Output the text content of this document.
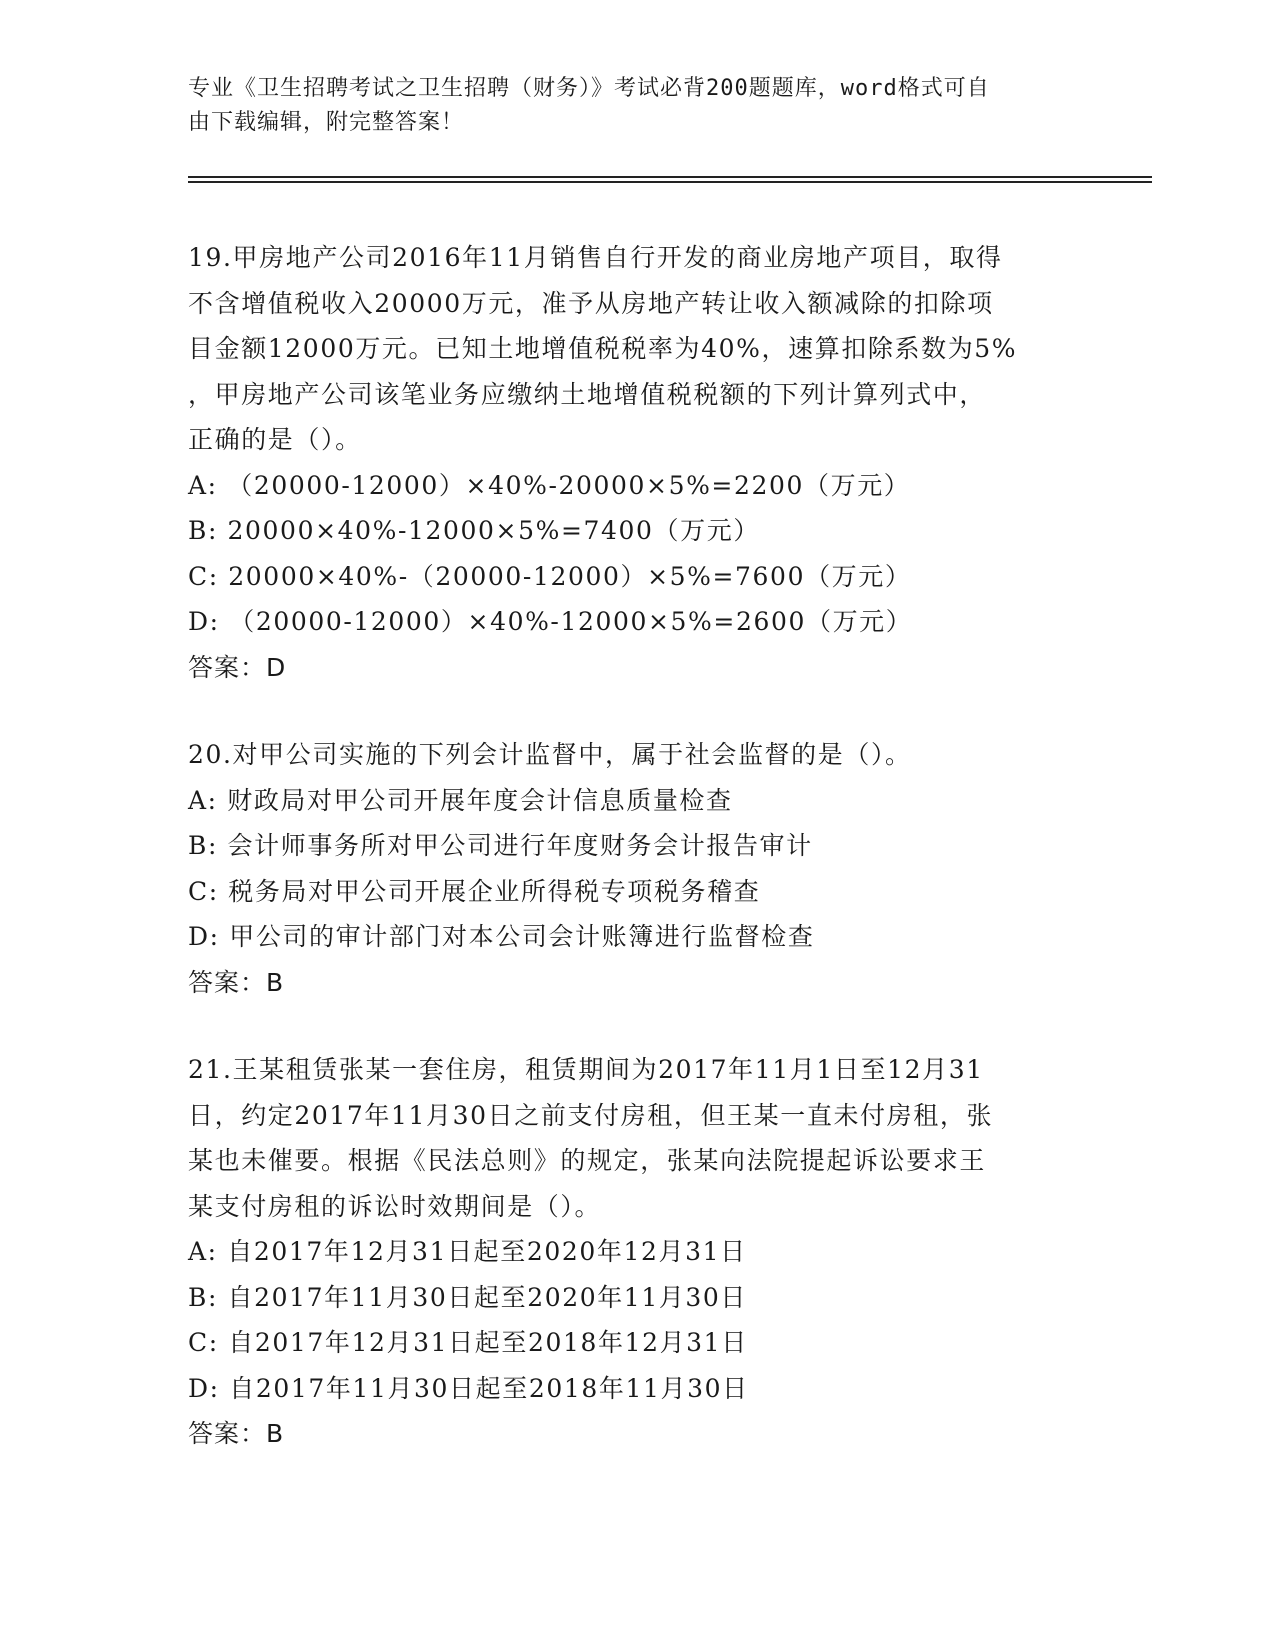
专业《卫生招聘考试之卫生招聘（财务）》考试必背200题题库，word格式可自
由下载编辑，附完整答案！
19.甲房地产公司2016年11月销售自行开发的商业房地产项目，取得
不含增值税收入20000万元，准予从房地产转让收入额减除的扣除项
目金额12000万元。已知土地增值税税率为40%，速算扣除系数为5%
，甲房地产公司该笔业务应缴纳土地增值税税额的下列计算列式中，
正确的是（）。
A: （20000-12000）×40%-20000×5%=2200（万元）
B: 20000×40%-12000×5%=7400（万元）
C: 20000×40%-（20000-12000）×5%=7600（万元）
D: （20000-12000）×40%-12000×5%=2600（万元）
答案：D
20.对甲公司实施的下列会计监督中，属于社会监督的是（）。
A: 财政局对甲公司开展年度会计信息质量检查
B: 会计师事务所对甲公司进行年度财务会计报告审计
C: 税务局对甲公司开展企业所得税专项税务稽查
D: 甲公司的审计部门对本公司会计账簿进行监督检查
答案：B
21.王某租赁张某一套住房，租赁期间为2017年11月1日至12月31
日，约定2017年11月30日之前支付房租，但王某一直未付房租，张
某也未催要。根据《民法总则》的规定，张某向法院提起诉讼要求王
某支付房租的诉讼时效期间是（）。
A: 自2017年12月31日起至2020年12月31日
B: 自2017年11月30日起至2020年11月30日
C: 自2017年12月31日起至2018年12月31日
D: 自2017年11月30日起至2018年11月30日
答案：B
